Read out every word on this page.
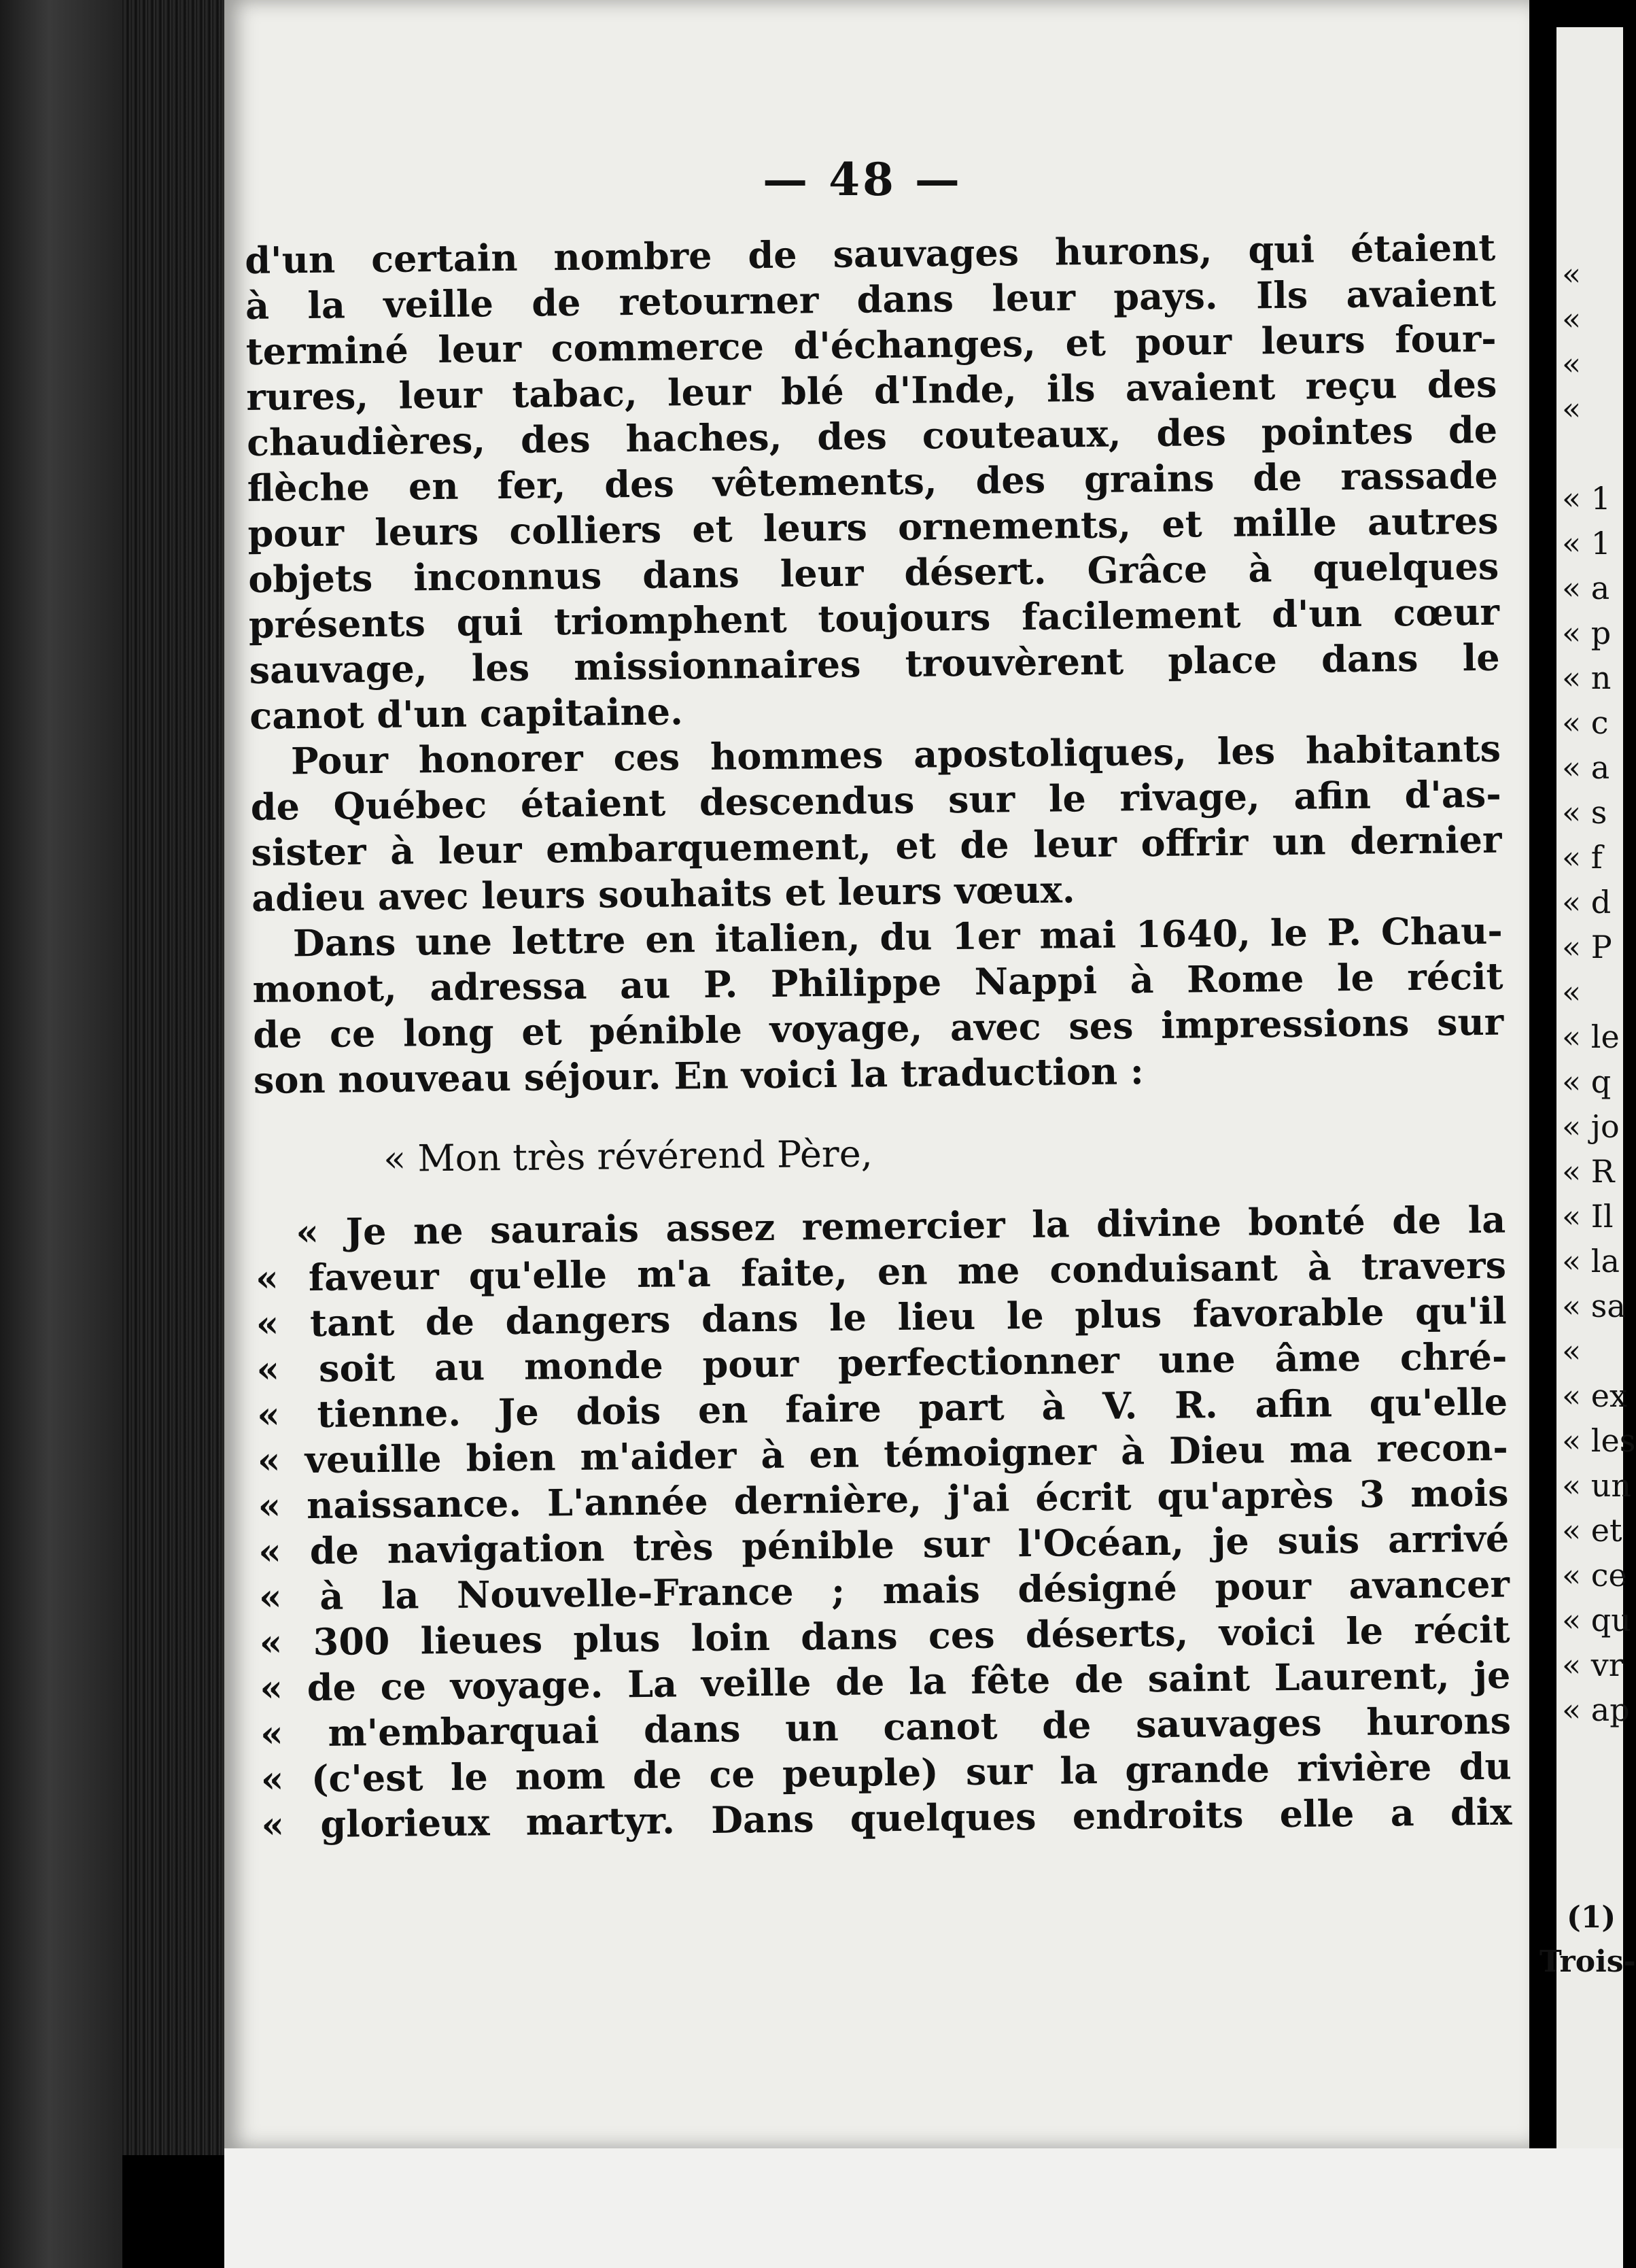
«
«
«
«

« 1
« 1
« a
« p
« n
« c
« a
« s
« f
« d
« P
«
« le
« q
« jo
« R
« Il
« la
« sa
«
« ex
« les
« un
« et
« ce
« qu
« vr
« ap
(1)
Trois-
— 48 —
d'un certain nombre de sauvages hurons, qui étaient
à la veille de retourner dans leur pays. Ils avaient
terminé leur commerce d'échanges, et pour leurs four-
rures, leur tabac, leur blé d'Inde, ils avaient reçu des
chaudières, des haches, des couteaux, des pointes de
flèche en fer, des vêtements, des grains de rassade
pour leurs colliers et leurs ornements, et mille autres
objets inconnus dans leur désert. Grâce à quelques
présents qui triomphent toujours facilement d'un cœur
sauvage, les missionnaires trouvèrent place dans le
canot d'un capitaine.
Pour honorer ces hommes apostoliques, les habitants
de Québec étaient descendus sur le rivage, afin d'as-
sister à leur embarquement, et de leur offrir un dernier
adieu avec leurs souhaits et leurs vœux.
Dans une lettre en italien, du 1er mai 1640, le P. Chau-
monot, adressa au P. Philippe Nappi à Rome le récit
de ce long et pénible voyage, avec ses impressions sur
son nouveau séjour. En voici la traduction :
« Mon très révérend Père,
« Je ne saurais assez remercier la divine bonté de la
« faveur qu'elle m'a faite, en me conduisant à travers
« tant de dangers dans le lieu le plus favorable qu'il
« soit au monde pour perfectionner une âme chré-
« tienne. Je dois en faire part à V. R. afin qu'elle
« veuille bien m'aider à en témoigner à Dieu ma recon-
« naissance. L'année dernière, j'ai écrit qu'après 3 mois
« de navigation très pénible sur l'Océan, je suis arrivé
« à la Nouvelle-France ; mais désigné pour avancer
« 300 lieues plus loin dans ces déserts, voici le récit
« de ce voyage. La veille de la fête de saint Laurent, je
« m'embarquai dans un canot de sauvages hurons
« (c'est le nom de ce peuple) sur la grande rivière du
« glorieux martyr. Dans quelques endroits elle a dix
